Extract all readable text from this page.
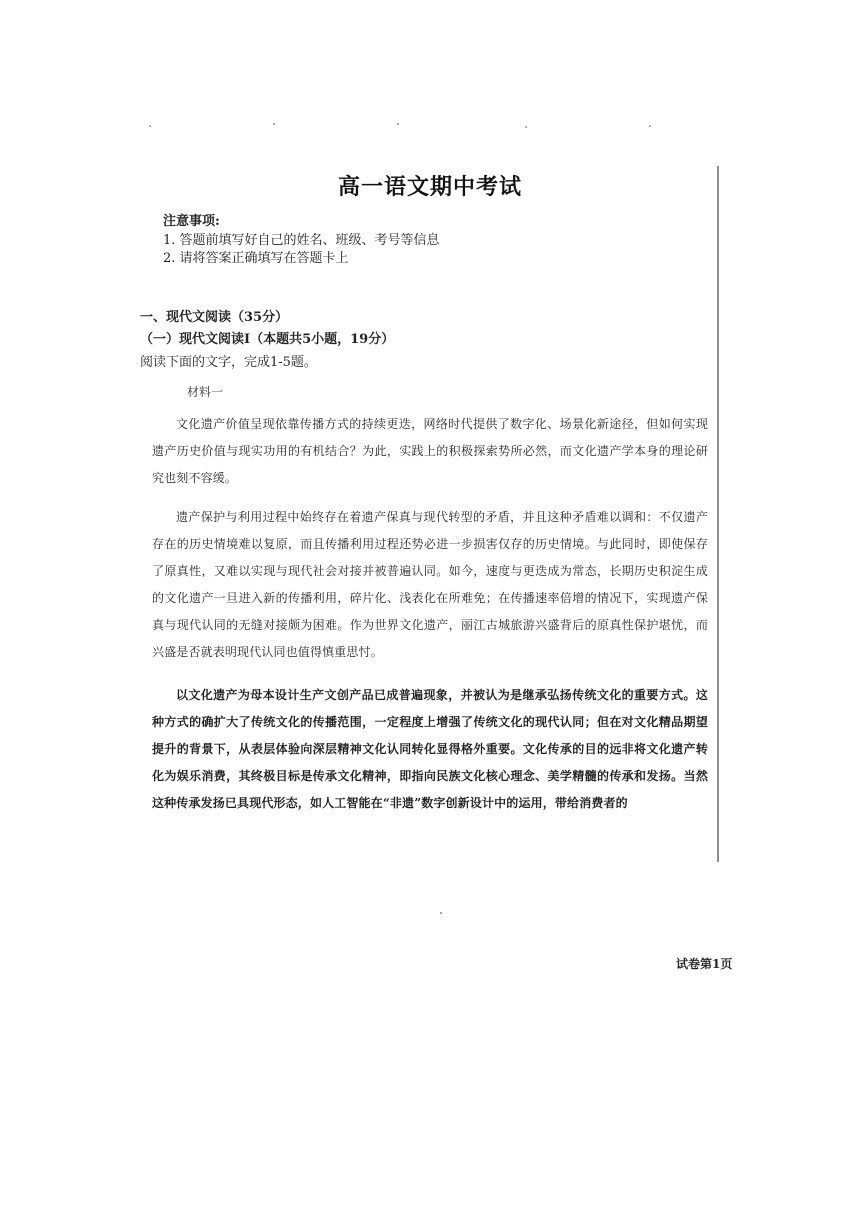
高一语文期中考试
注意事项:
1. 答题前填写好自己的姓名、班级、考号等信息
2. 请将答案正确填写在答题卡上
一、现代文阅读（35分）
（一）现代文阅读Ⅰ（本题共5小题，19分）
阅读下面的文字，完成1-5题。
材料一
文化遗产价值呈现依靠传播方式的持续更迭，网络时代提供了数字化、场景化新途径，但如何实现遗产历史价值与现实功用的有机结合？为此，实践上的积极探索势所必然，而文化遗产学本身的理论研究也刻不容缓。
遗产保护与利用过程中始终存在着遗产保真与现代转型的矛盾，并且这种矛盾难以调和：不仅遗产存在的历史情境难以复原，而且传播利用过程还势必进一步损害仅存的历史情境。与此同时，即使保存了原真性，又难以实现与现代社会对接并被普遍认同。如今，速度与更迭成为常态，长期历史积淀生成的文化遗产一旦进入新的传播利用，碎片化、浅表化在所难免；在传播速率倍增的情况下，实现遗产保真与现代认同的无缝对接颇为困难。作为世界文化遗产，丽江古城旅游兴盛背后的原真性保护堪忧，而兴盛是否就表明现代认同也值得慎重思忖。
以文化遗产为母本设计生产文创产品已成普遍现象，并被认为是继承弘扬传统文化的重要方式。这种方式的确扩大了传统文化的传播范围，一定程度上增强了传统文化的现代认同；但在对文化精品期望提升的背景下，从表层体验向深层精神文化认同转化显得格外重要。文化传承的目的远非将文化遗产转化为娱乐消费，其终极目标是传承文化精神，即指向民族文化核心理念、美学精髓的传承和发扬。当然这种传承发扬已具现代形态，如人工智能在“非遗”数字创新设计中的运用，带给消费者的
试卷第1页
